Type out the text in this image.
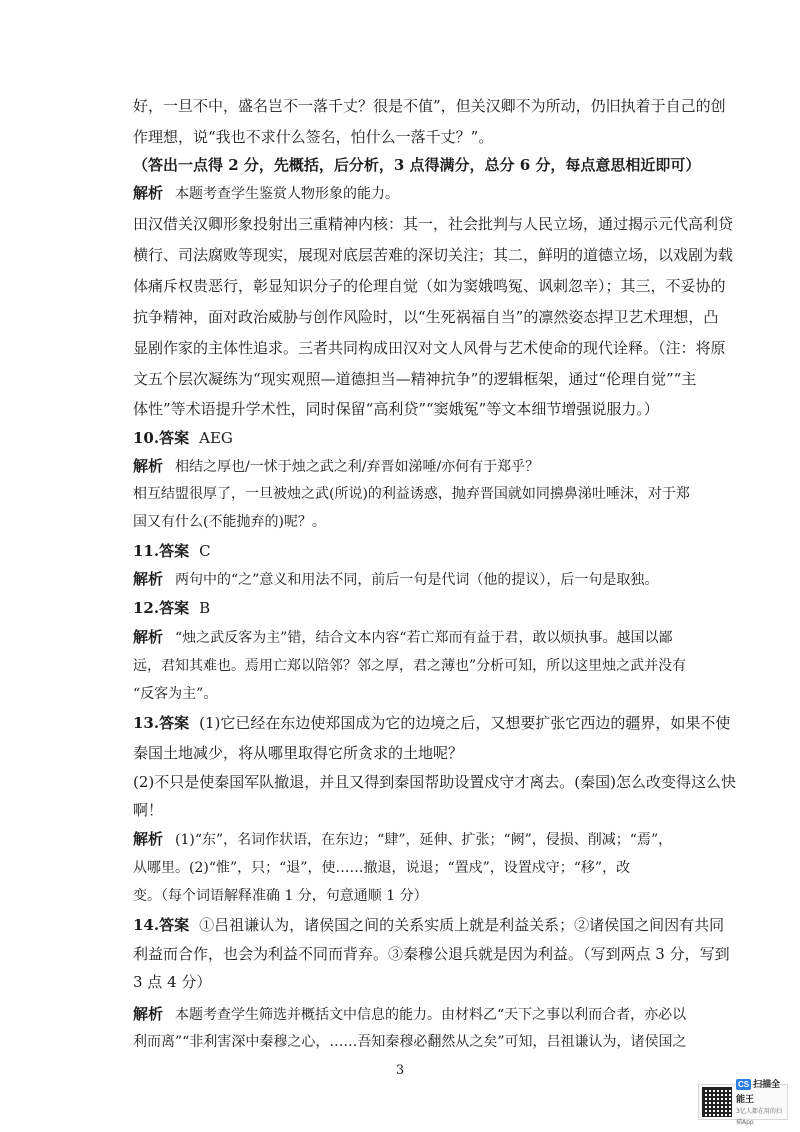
好，一旦不中，盛名岂不一落千丈？很是不值”，但关汉卿不为所动，仍旧执着于自己的创
作理想，说“我也不求什么签名，怕什么一落千丈？”。
（答出一点得 2 分，先概括，后分析，3 点得满分，总分 6 分，每点意思相近即可）
解析 本题考查学生鉴赏人物形象的能力。
田汉借关汉卿形象投射出三重精神内核：其一，社会批判与人民立场，通过揭示元代高利贷
横行、司法腐败等现实，展现对底层苦难的深切关注；其二，鲜明的道德立场，以戏剧为载
体痛斥权贵恶行，彰显知识分子的伦理自觉（如为窦娥鸣冤、讽刺忽辛）；其三，不妥协的
抗争精神，面对政治威胁与创作风险时，以“生死祸福自当”的凛然姿态捍卫艺术理想，凸
显剧作家的主体性追求。三者共同构成田汉对文人风骨与艺术使命的现代诠释。（注：将原
文五个层次凝练为“现实观照—道德担当—精神抗争”的逻辑框架，通过“伦理自觉”“主
体性”等术语提升学术性，同时保留“高利贷”“窦娥冤”等文本细节增强说服力。）
10.答案 AEG
解析 相结之厚也/一怵于烛之武之利/弃晋如涕唾/亦何有于郑乎？
相互结盟很厚了，一旦被烛之武(所说)的利益诱惑，抛弃晋国就如同擤鼻涕吐唾沫，对于郑
国又有什么(不能抛弃的)呢？。
11.答案 C
解析 两句中的“之”意义和用法不同，前后一句是代词（他的提议），后一句是取独。
12.答案 B
解析 “烛之武反客为主”错，结合文本内容“若亡郑而有益于君，敢以烦执事。越国以鄙
远，君知其难也。焉用亡郑以陪邻？邻之厚，君之薄也”分析可知，所以这里烛之武并没有
“反客为主”。
13.答案 (1)它已经在东边使郑国成为它的边境之后，又想要扩张它西边的疆界，如果不使
秦国土地减少，将从哪里取得它所贪求的土地呢？
(2)不只是使秦国军队撤退，并且又得到秦国帮助设置戍守才离去。(秦国)怎么改变得这么快
啊！
解析 (1)“东”，名词作状语，在东边；“肆”，延伸、扩张；“阙”，侵损、削减；“焉”，
从哪里。(2)“惟”，只；“退”，使……撤退，说退；“置戍”，设置戍守；“移”，改
变。（每个词语解释准确 1 分，句意通顺 1 分）
14.答案 ①吕祖谦认为，诸侯国之间的关系实质上就是利益关系；②诸侯国之间因有共同
利益而合作，也会为利益不同而背弃。③秦穆公退兵就是因为利益。（写到两点 3 分，写到
3 点 4 分）
解析 本题考查学生筛选并概括文中信息的能力。由材料乙“天下之事以利而合者，亦必以
利而离”“非利害深中秦穆之心，……吾知秦穆必翻然从之矣”可知，吕祖谦认为，诸侯国之
3
CS 扫描全能王
3亿人都在用的扫描App
